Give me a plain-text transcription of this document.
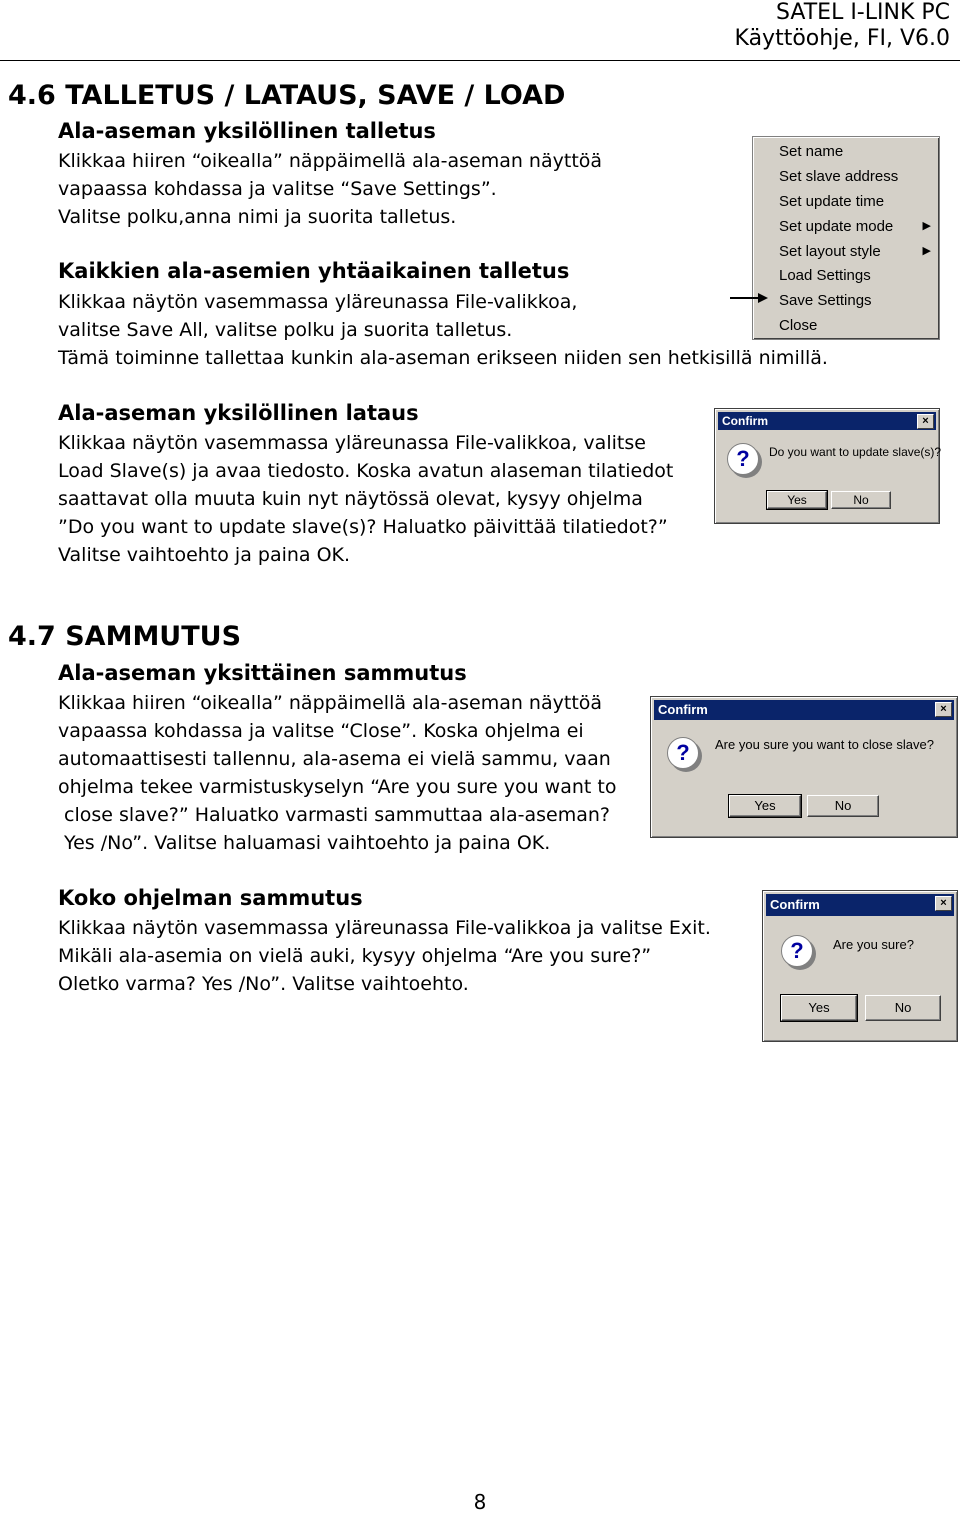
SATEL I-LINK PC
Käyttöohje, FI, V6.0
4.6 TALLETUS / LATAUS, SAVE / LOAD
Ala-aseman yksilöllinen talletus
Klikkaa hiiren “oikealla” näppäimellä ala-aseman näyttöä
vapaassa kohdassa ja valitse “Save Settings”.
Valitse polku,anna nimi ja suorita talletus.
Kaikkien ala-asemien yhtäaikainen talletus
Klikkaa näytön vasemmassa yläreunassa File-valikkoa,
valitse Save All, valitse polku ja suorita talletus.
Tämä toiminne tallettaa kunkin ala-aseman erikseen niiden sen hetkisillä nimillä.
Ala-aseman yksilöllinen lataus
Klikkaa näytön vasemmassa yläreunassa File-valikkoa, valitse
Load Slave(s) ja avaa tiedosto. Koska avatun alaseman tilatiedot
saattavat olla muuta kuin nyt näytössä olevat, kysyy ohjelma
”Do you want to update slave(s)? Haluatko päivittää tilatiedot?”
Valitse vaihtoehto ja paina OK.
Set name
Set slave address
Set update time
Set update mode	▶
Set layout style	▶
Load Settings
Save Settings
Close
Confirm	×
?	Do you want to update slave(s)?
Yes	No
4.7 SAMMUTUS
Ala-aseman yksittäinen sammutus
Klikkaa hiiren “oikealla” näppäimellä ala-aseman näyttöä
vapaassa kohdassa ja valitse “Close”. Koska ohjelma ei
automaattisesti tallennu, ala-asema ei vielä sammu, vaan
ohjelma tekee varmistuskyselyn “Are you sure you want to
close slave?” Haluatko varmasti sammuttaa ala-aseman?
Yes /No”. Valitse haluamasi vaihtoehto ja paina OK.
Confirm	×
?	Are you sure you want to close slave?
Yes	No
Koko ohjelman sammutus
Klikkaa näytön vasemmassa yläreunassa File-valikkoa ja valitse Exit.
Mikäli ala-asemia on vielä auki, kysyy ohjelma “Are you sure?”
Oletko varma? Yes /No”. Valitse vaihtoehto.
Confirm	×
?	Are you sure?
Yes	No
8
